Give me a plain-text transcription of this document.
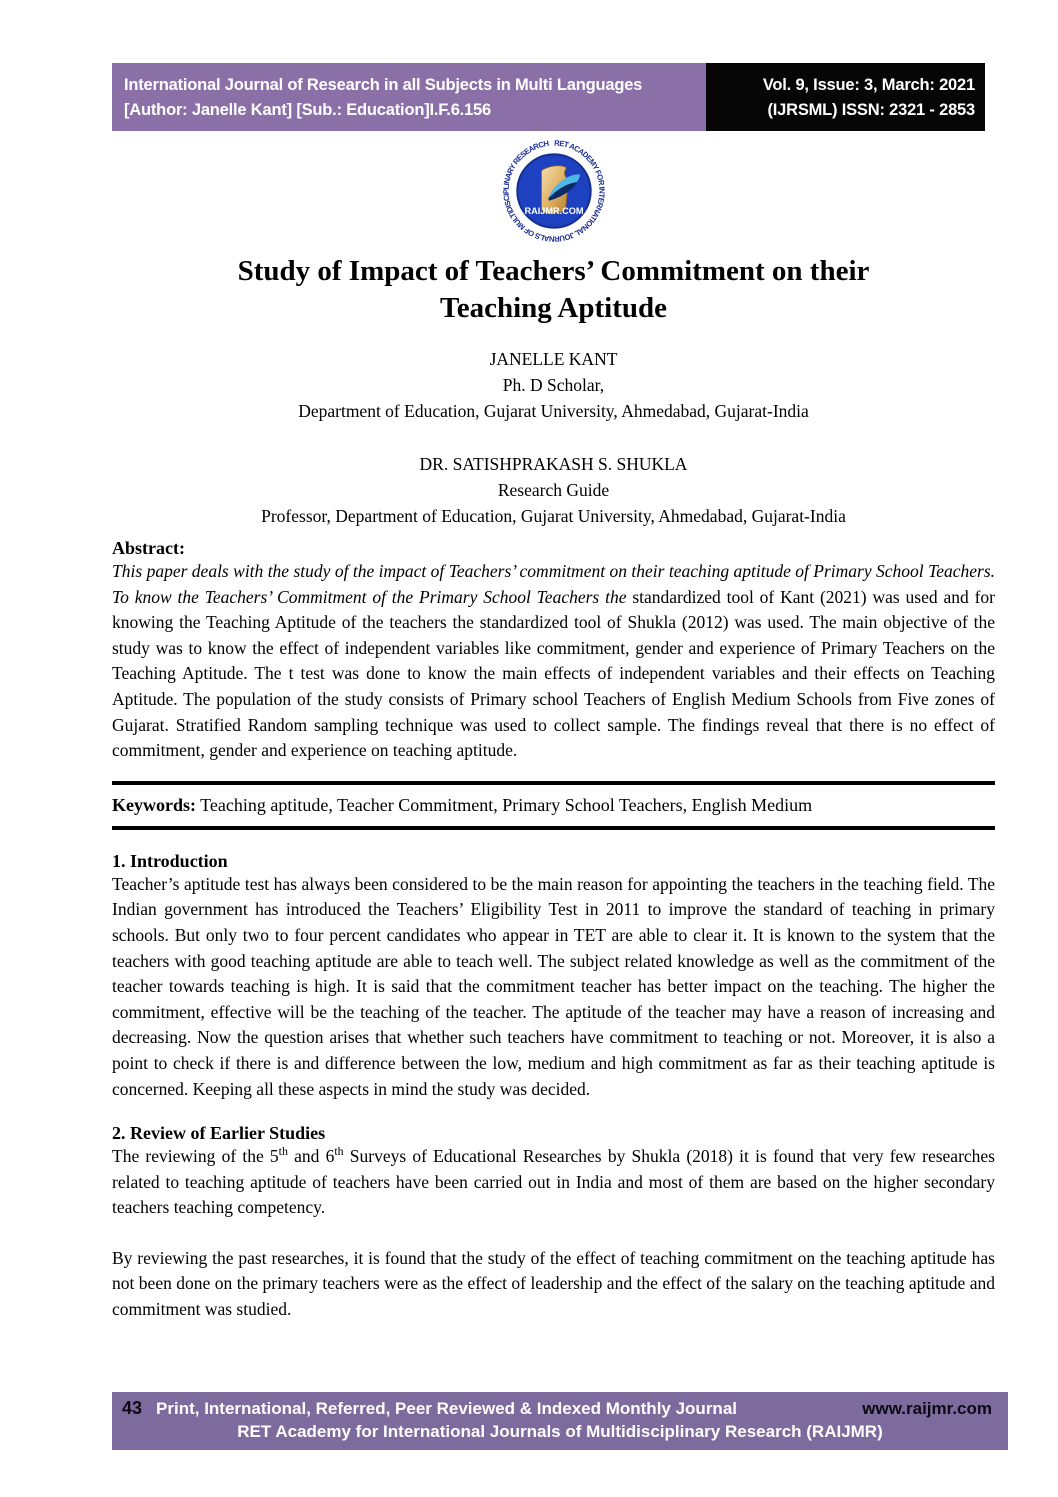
International Journal of Research in all Subjects in Multi Languages
[Author: Janelle Kant] [Sub.: Education]I.F.6.156
Vol. 9, Issue: 3, March: 2021
(IJRSML) ISSN: 2321 - 2853
RAIJMR.COM
RET ACADEMY FOR INTERNATIONAL JOURNALS OF MULTIDISCIPLINARY RESEARCH
Study of Impact of Teachers’ Commitment on their
Teaching Aptitude
JANELLE KANT
Ph. D Scholar,
Department of Education, Gujarat University, Ahmedabad, Gujarat-India
DR. SATISHPRAKASH S. SHUKLA
Research Guide
Professor, Department of Education, Gujarat University, Ahmedabad, Gujarat-India
Abstract:

This paper deals with the study of the impact of Teachers’ commitment on their teaching aptitude of Primary School Teachers. To know the Teachers’ Commitment of the Primary School Teachers the standardized tool of Kant (2021) was used and for knowing the Teaching Aptitude of the teachers the standardized tool of Shukla (2012) was used. The main objective of the study was to know the effect of independent variables like commitment, gender and experience of Primary Teachers on the Teaching Aptitude. The t test was done to know the main effects of independent variables and their effects on Teaching Aptitude. The population of the study consists of Primary school Teachers of English Medium Schools from Five zones of Gujarat. Stratified Random sampling technique was used to collect sample. The findings reveal that there is no effect of commitment, gender and experience on teaching aptitude.

Keywords: Teaching aptitude, Teacher Commitment, Primary School Teachers, English Medium
1. Introduction

Teacher’s aptitude test has always been considered to be the main reason for appointing the teachers in the teaching field. The Indian government has introduced the Teachers’ Eligibility Test in 2011 to improve the standard of teaching in primary schools. But only two to four percent candidates who appear in TET are able to clear it. It is known to the system that the teachers with good teaching aptitude are able to teach well. The subject related knowledge as well as the commitment of the teacher towards teaching is high. It is said that the commitment teacher has better impact on the teaching. The higher the commitment, effective will be the teaching of the teacher. The aptitude of the teacher may have a reason of increasing and decreasing. Now the question arises that whether such teachers have commitment to teaching or not. Moreover, it is also a point to check if there is and difference between the low, medium and high commitment as far as their teaching aptitude is concerned. Keeping all these aspects in mind the study was decided.

2. Review of Earlier Studies

The reviewing of the 5th and 6th Surveys of Educational Researches by Shukla (2018) it is found that very few researches related to teaching aptitude of teachers have been carried out in India and most of them are based on the higher secondary teachers teaching competency.

By reviewing the past researches, it is found that the study of the effect of teaching commitment on the teaching aptitude has not been done on the primary teachers were as the effect of leadership and the effect of the salary on the teaching aptitude and commitment was studied.

43 Print, International, Referred, Peer Reviewed & Indexed Monthly Journal	www.raijmr.com
RET Academy for International Journals of Multidisciplinary Research (RAIJMR)
